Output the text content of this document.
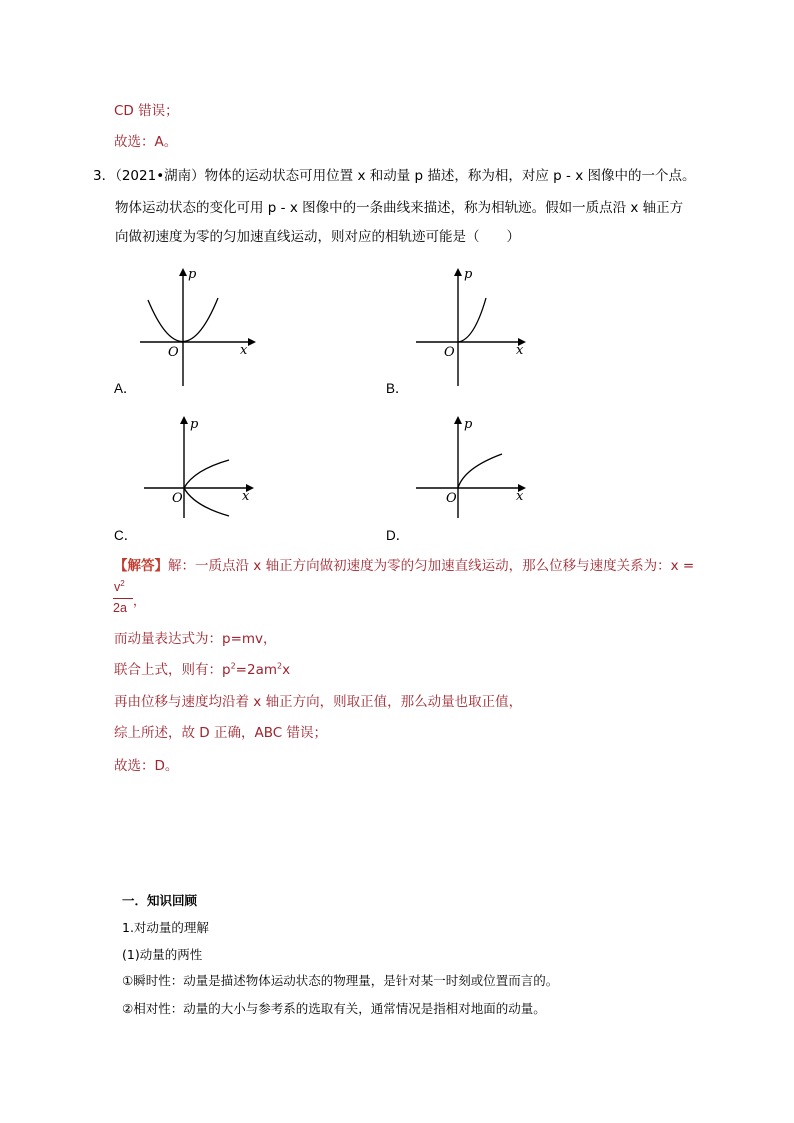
CD 错误；
故选：A。
3．（2021•湖南）物体的运动状态可用位置 x 和动量 p 描述，称为相，对应 p - x 图像中的一个点。
物体运动状态的变化可用 p - x 图像中的一条曲线来描述，称为相轨迹。假如一质点沿 x 轴正方
向做初速度为零的匀加速直线运动，则对应的相轨迹可能是（　　）
p
x
O
A．
p
x
O
B．
p
x
O
C．
p
x
O
D．
【解答】解：一质点沿 x 轴正方向做初速度为零的匀加速直线运动，那么位移与速度关系为：x =
$v^2$
2a ，
而动量表达式为：p=mv，
联合上式，则有：$p^2=2am^2x$
再由位移与速度均沿着 x 轴正方向，则取正值，那么动量也取正值，
综上所述，故 D 正确，ABC 错误；
故选：D。
一．知识回顾
1.对动量的理解
(1)动量的两性
①瞬时性：动量是描述物体运动状态的物理量，是针对某一时刻或位置而言的。
②相对性：动量的大小与参考系的选取有关，通常情况是指相对地面的动量。
